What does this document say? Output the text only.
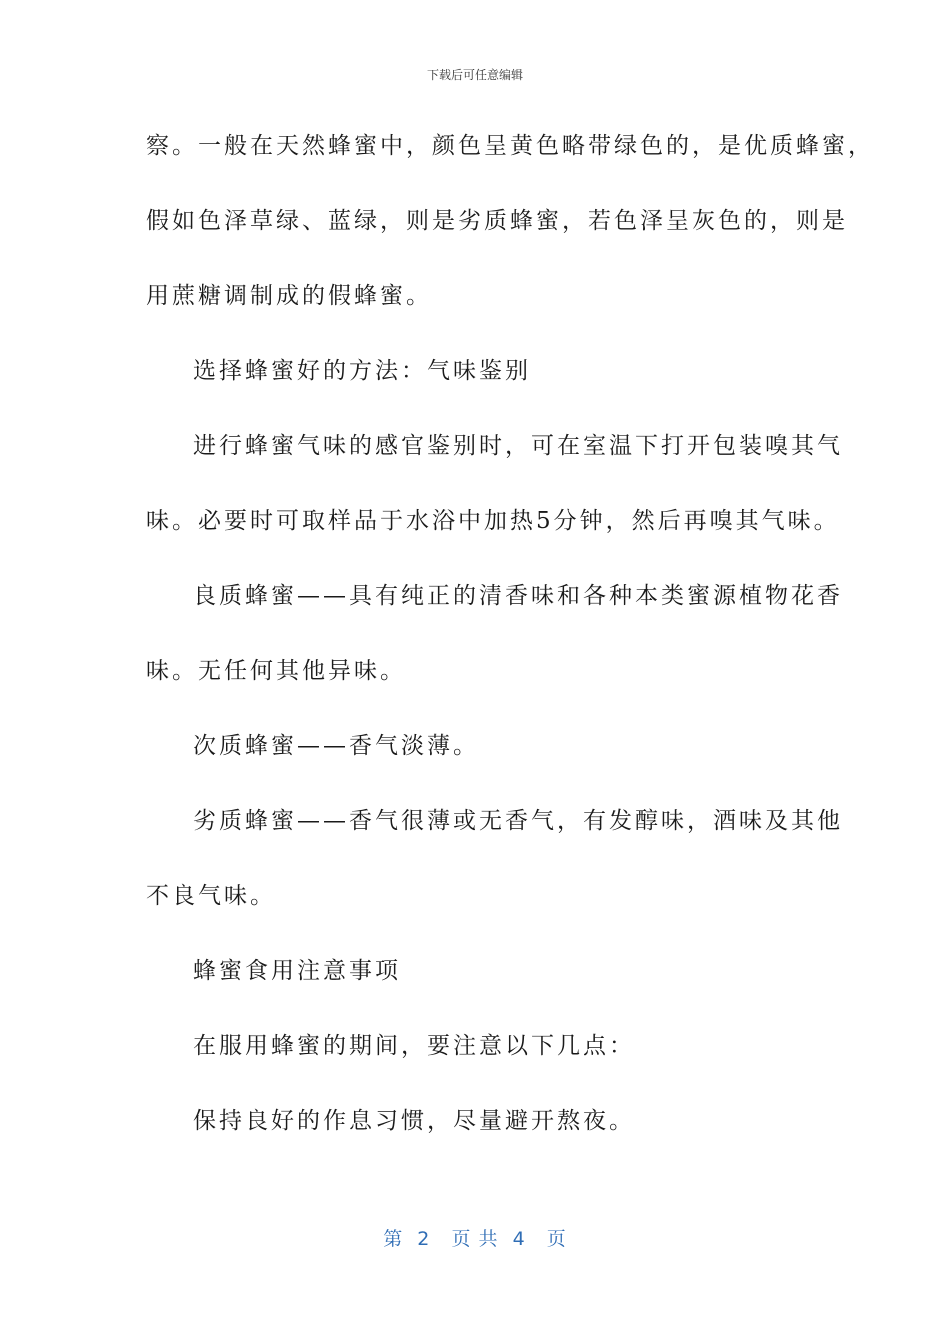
下载后可任意编辑
察。一般在天然蜂蜜中，颜色呈黄色略带绿色的，是优质蜂蜜，
假如色泽草绿、蓝绿，则是劣质蜂蜜，若色泽呈灰色的，则是
用蔗糖调制成的假蜂蜜。
选择蜂蜜好的方法：气味鉴别
进行蜂蜜气味的感官鉴别时，可在室温下打开包装嗅其气
味。必要时可取样品于水浴中加热5分钟，然后再嗅其气味。
良质蜂蜜——具有纯正的清香味和各种本类蜜源植物花香
味。无任何其他异味。
次质蜂蜜——香气淡薄。
劣质蜂蜜——香气很薄或无香气，有发醇味，酒味及其他
不良气味。
蜂蜜食用注意事项
在服用蜂蜜的期间，要注意以下几点：
保持良好的作息习惯，尽量避开熬夜。
第  2   页 共  4   页
